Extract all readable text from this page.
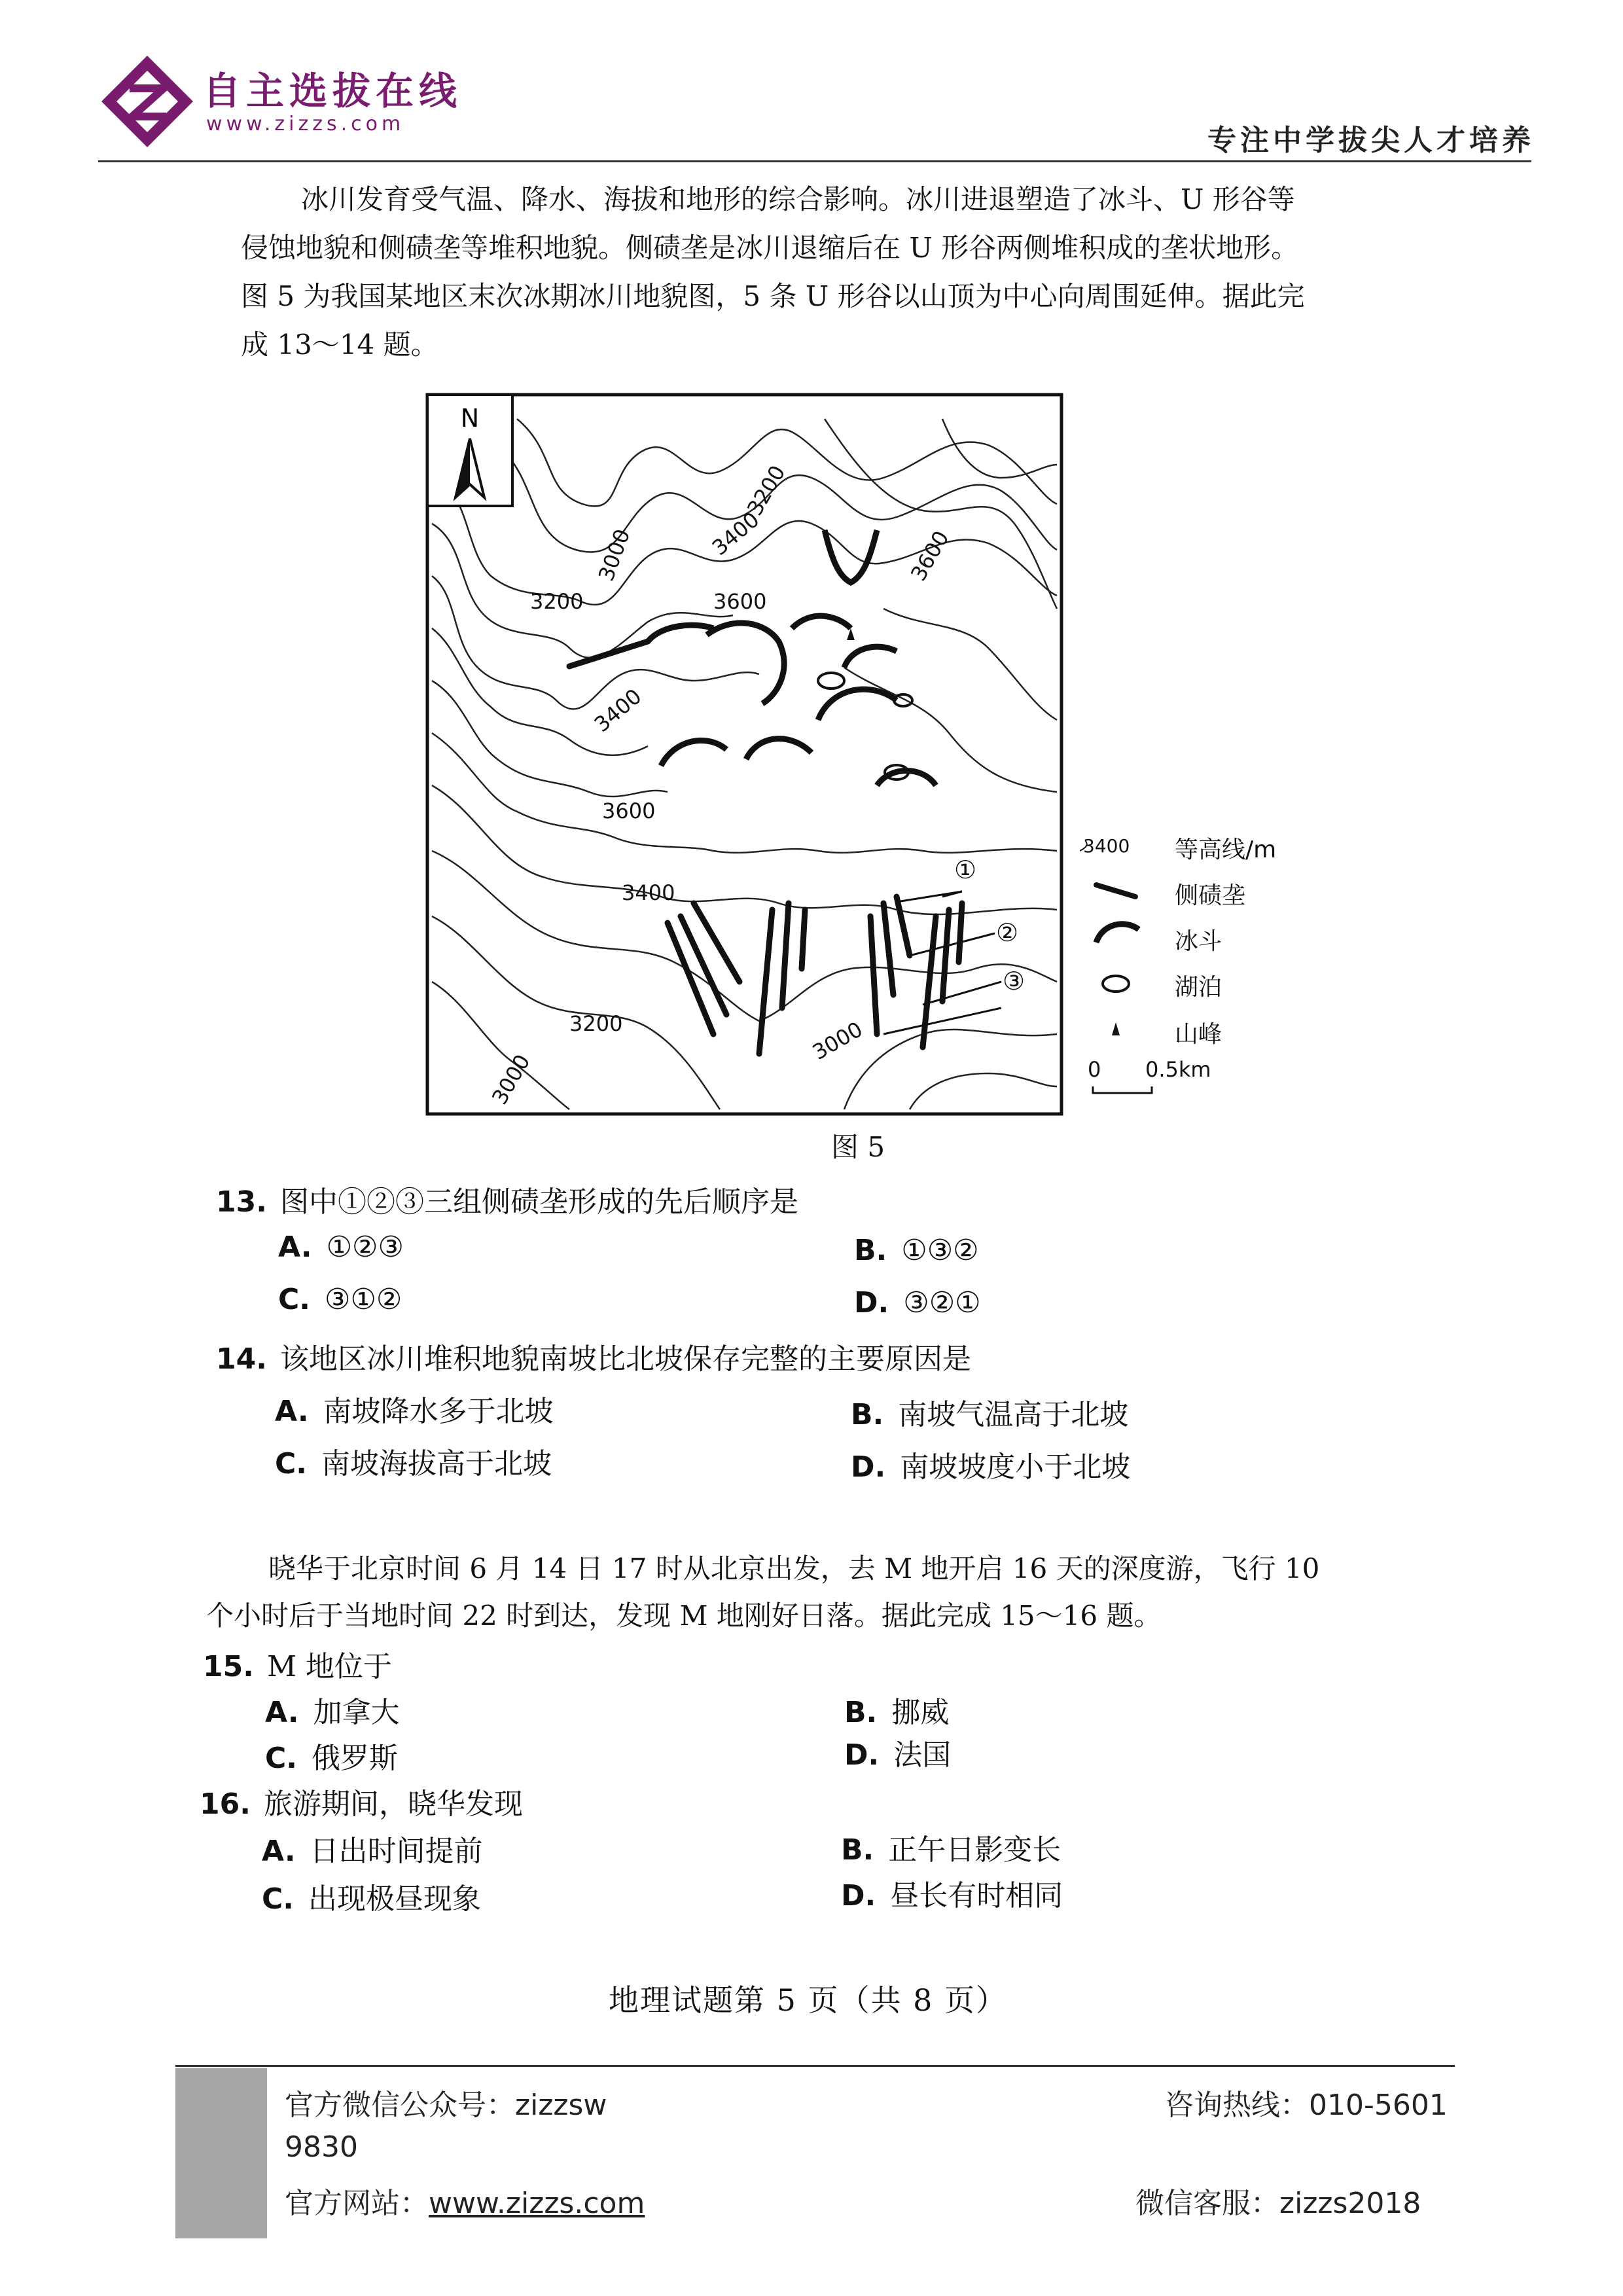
自主选拔在线
www.zizzs.com	专注中学拔尖人才培养
冰川发育受气温、降水、海拔和地形的综合影响。冰川进退塑造了冰斗、U 形谷等
侵蚀地貌和侧碛垄等堆积地貌。侧碛垄是冰川退缩后在 U 形谷两侧堆积成的垄状地形。
图 5 为我国某地区末次冰期冰川地貌图，5 条 U 形谷以山顶为中心向周围延伸。据此完
成 13～14 题。
N
3200
3000	3400
3600
3200
3600
3400
3600
3400
3200	3000
3000
①
②
③
3400 等高线/m
侧碛垄
冰斗
湖泊
山峰
0 0.5km
图 5
13. 图中①②③三组侧碛垄形成的先后顺序是
A. ①②③	B. ①③②
C. ③①②	D. ③②①
14. 该地区冰川堆积地貌南坡比北坡保存完整的主要原因是
A. 南坡降水多于北坡	B. 南坡气温高于北坡
C. 南坡海拔高于北坡	D. 南坡坡度小于北坡
晓华于北京时间 6 月 14 日 17 时从北京出发，去 M 地开启 16 天的深度游，飞行 10
个小时后于当地时间 22 时到达，发现 M 地刚好日落。据此完成 15～16 题。
15. M 地位于
A. 加拿大	B. 挪威
C. 俄罗斯	D. 法国
16. 旅游期间，晓华发现
A. 日出时间提前	B. 正午日影变长
C. 出现极昼现象	D. 昼长有时相同
地理试题第 5 页（共 8 页）
官方微信公众号：zizzsw
9830
官方网站：www.zizzs.com
咨询热线：010-5601
微信客服：zizzs2018
